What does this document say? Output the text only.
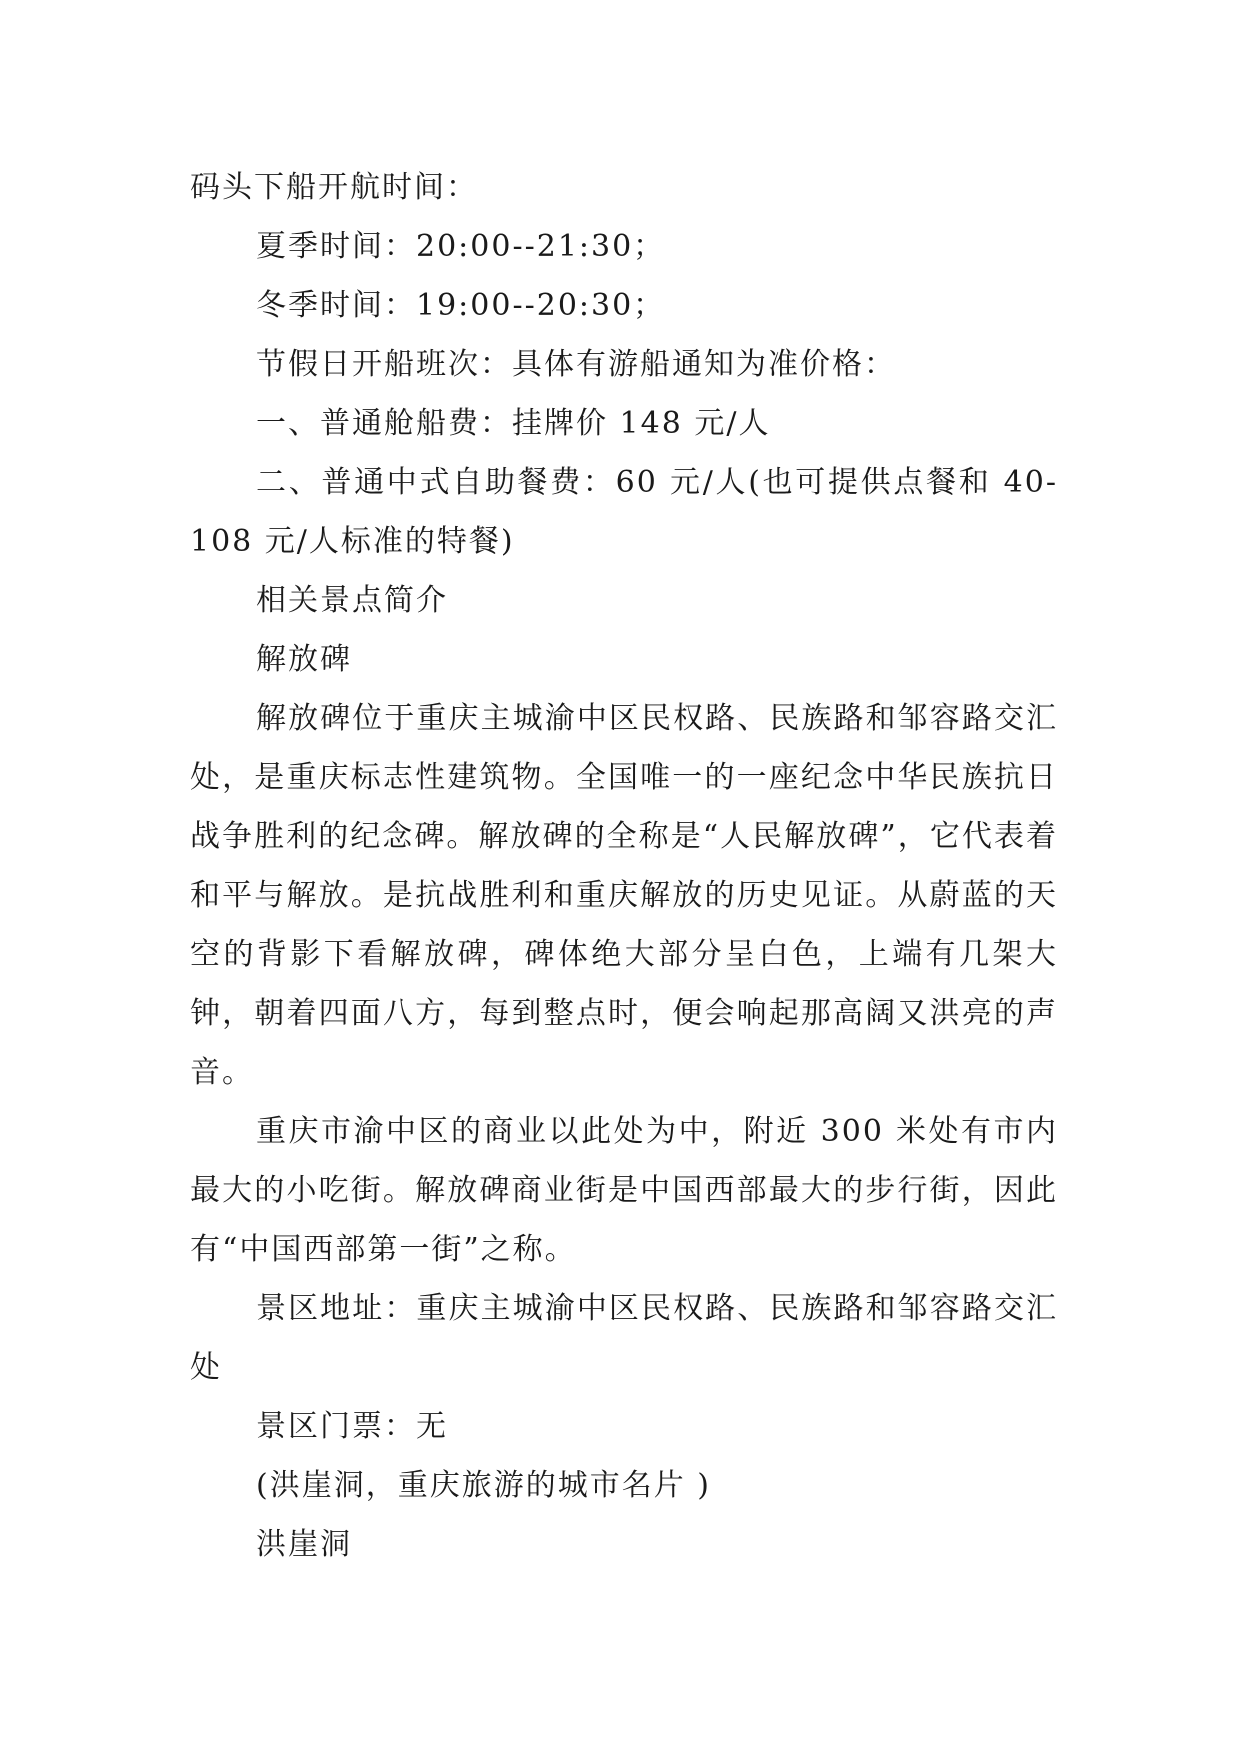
码头下船开航时间：

夏季时间：20:00--21:30；

冬季时间：19:00--20:30；

节假日开船班次：具体有游船通知为准价格：

一、普通舱船费：挂牌价 148 元/人

二、普通中式自助餐费：60 元/人(也可提供点餐和 40-108 元/人标准的特餐)

相关景点简介

解放碑

解放碑位于重庆主城渝中区民权路、民族路和邹容路交汇处，是重庆标志性建筑物。全国唯一的一座纪念中华民族抗日战争胜利的纪念碑。解放碑的全称是“人民解放碑”，它代表着和平与解放。是抗战胜利和重庆解放的历史见证。从蔚蓝的天空的背影下看解放碑，碑体绝大部分呈白色，上端有几架大钟，朝着四面八方，每到整点时，便会响起那高阔又洪亮的声音。

重庆市渝中区的商业以此处为中，附近 300 米处有市内最大的小吃街。解放碑商业街是中国西部最大的步行街，因此有“中国西部第一街”之称。

景区地址：重庆主城渝中区民权路、民族路和邹容路交汇处

景区门票：无

(洪崖洞，重庆旅游的城市名片 )

洪崖洞
